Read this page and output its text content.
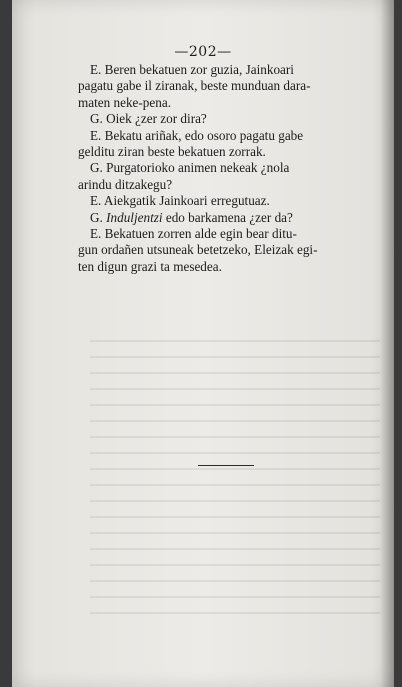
—202—

E. Beren bekatuen zor guzia, Jainkoari
pagatu gabe il ziranak, beste munduan dara-
maten neke-pena.

G. Oiek ¿zer zor dira?

E. Bekatu ariñak, edo osoro pagatu gabe
gelditu ziran beste bekatuen zorrak.

G. Purgatorioko animen nekeak ¿nola
arindu ditzakegu?

E. Aiekgatik Jainkoari erregutuaz.

G. Induljentzi edo barkamena ¿zer da?

E. Bekatuen zorren alde egin bear ditu-
gun ordañen utsuneak betetzeko, Eleizak egi-
ten digun grazi ta mesedea.
